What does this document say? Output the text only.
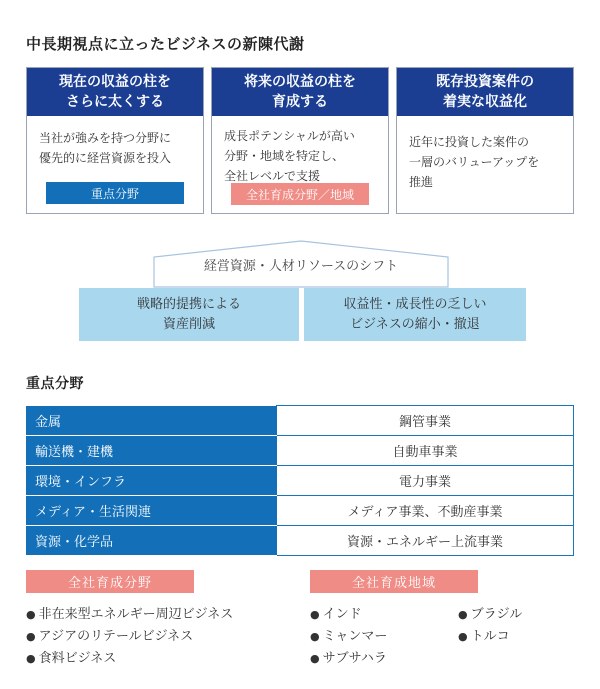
中長期視点に立ったビジネスの新陳代謝
現在の収益の柱を
さらに太くする
当社が強みを持つ分野に
優先的に経営資源を投入
重点分野
将来の収益の柱を
育成する
成長ポテンシャルが高い
分野・地域を特定し、
全社レベルで支援
全社育成分野／地域
既存投資案件の
着実な収益化
近年に投資した案件の
一層のバリューアップを
推進
経営資源・人材リソースのシフト
戦略的提携による
資産削減
収益性・成長性の乏しい
ビジネスの縮小・撤退
重点分野
金属	鋼管事業
輸送機・建機	自動車事業
環境・インフラ	電力事業
メディア・生活関連	メディア事業、不動産事業
資源・化学品	資源・エネルギー上流事業
全社育成分野
● 非在来型エネルギー周辺ビジネス
● アジアのリテールビジネス
● 食料ビジネス
全社育成地域
● インド
● ミャンマー
● サブサハラ
● ブラジル
● トルコ
